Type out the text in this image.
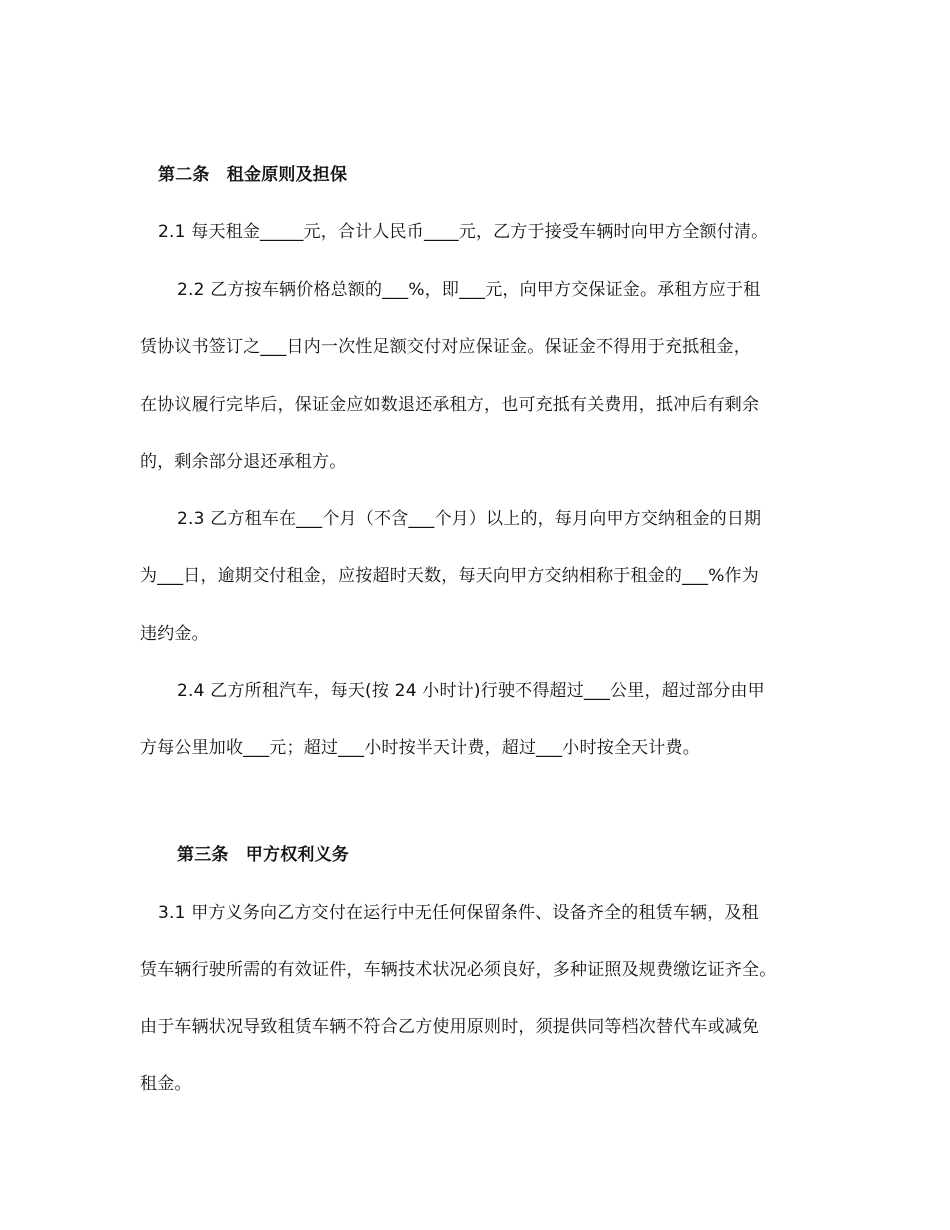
第二条　租金原则及担保
2.1 每天租金_____元，合计人民币____元，乙方于接受车辆时向甲方全额付清。
2.2 乙方按车辆价格总额的___%，即___元，向甲方交保证金。承租方应于租
赁协议书签订之___日内一次性足额交付对应保证金。保证金不得用于充抵租金，
在协议履行完毕后，保证金应如数退还承租方，也可充抵有关费用，抵冲后有剩余
的，剩余部分退还承租方。
2.3 乙方租车在___个月（不含___个月）以上的，每月向甲方交纳租金的日期
为___日，逾期交付租金，应按超时天数，每天向甲方交纳相称于租金的___%作为
违约金。
2.4 乙方所租汽车，每天(按 24 小时计)行驶不得超过___公里，超过部分由甲
方每公里加收___元；超过___小时按半天计费，超过___小时按全天计费。
第三条　甲方权利义务
3.1 甲方义务向乙方交付在运行中无任何保留条件、设备齐全的租赁车辆，及租
赁车辆行驶所需的有效证件，车辆技术状况必须良好，多种证照及规费缴讫证齐全。
由于车辆状况导致租赁车辆不符合乙方使用原则时，须提供同等档次替代车或减免
租金。
